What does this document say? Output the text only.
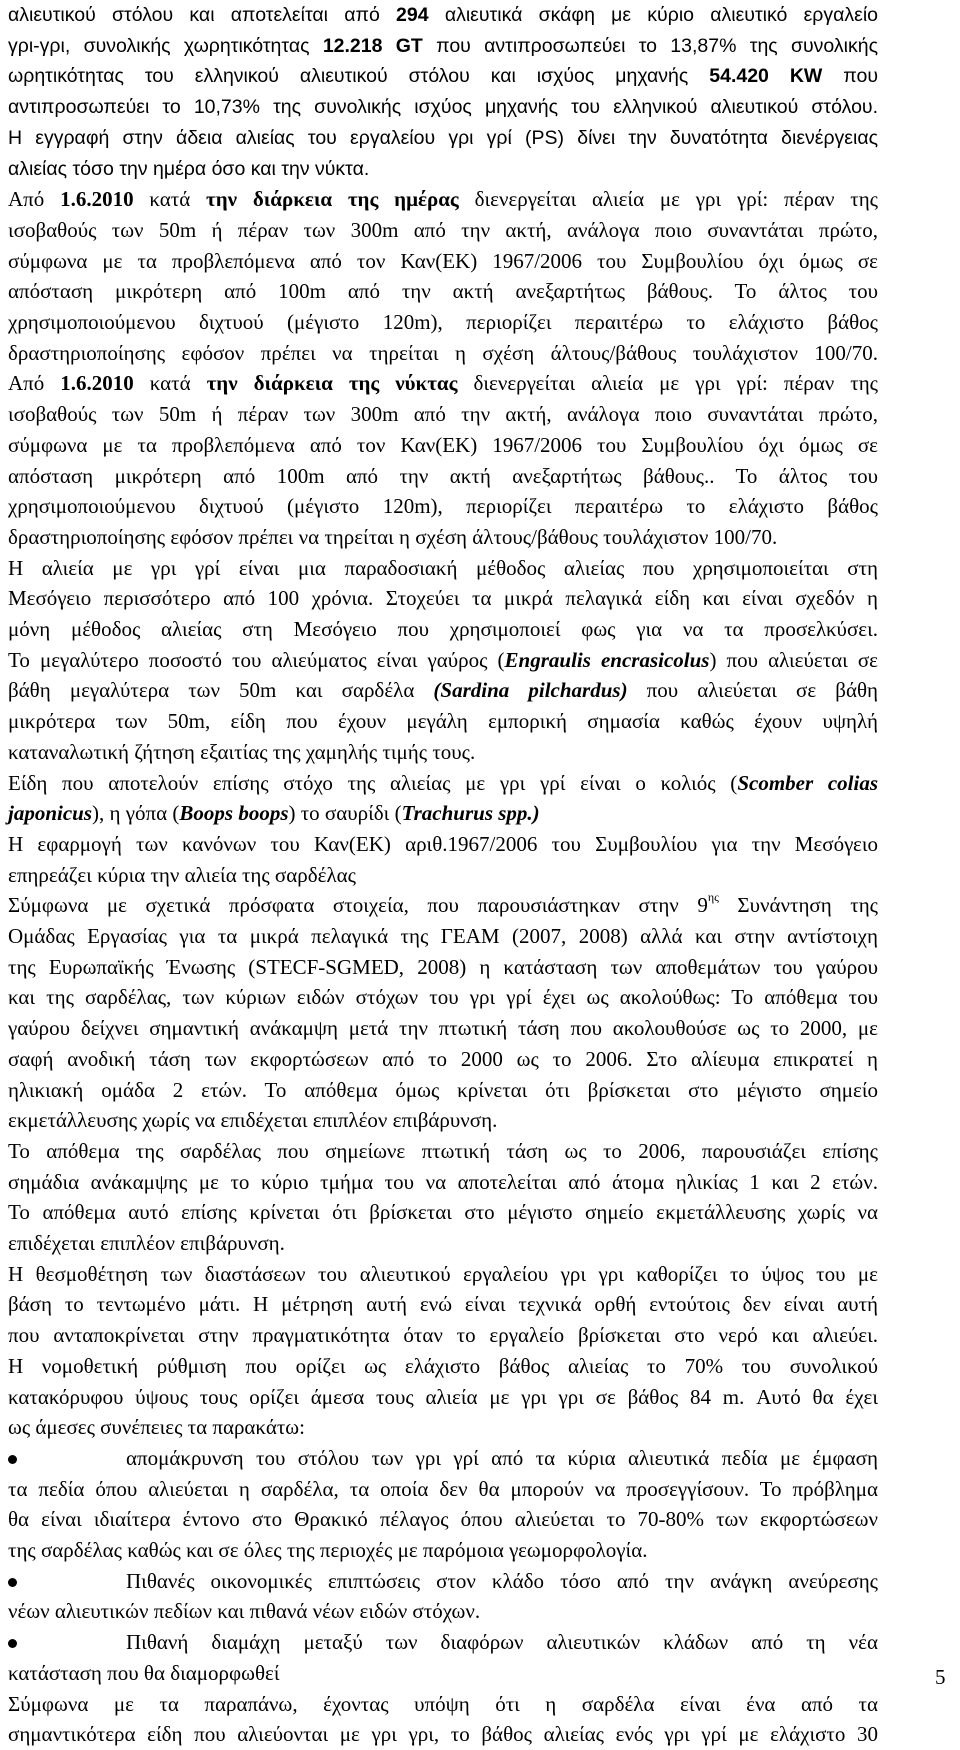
αλιευτικού στόλου και αποτελείται από 294 αλιευτικά σκάφη με κύριο αλιευτικό εργαλείο
γρι-γρι, συνολικής χωρητικότητας 12.218 GT που αντιπροσωπεύει το 13,87% της συνολικής
ωρητικότητας του ελληνικού αλιευτικού στόλου και ισχύος μηχανής 54.420 KW που
αντιπροσωπεύει το 10,73% της συνολικής ισχύος μηχανής του ελληνικού αλιευτικού στόλου.
Η εγγραφή στην άδεια αλιείας του εργαλείου γρι γρί (PS) δίνει την δυνατότητα διενέργειας
αλιείας τόσο την ημέρα όσο και την νύκτα.
Από 1.6.2010 κατά την διάρκεια της ημέρας διενεργείται αλιεία με γρι γρί: πέραν της
ισοβαθούς των 50m ή πέραν των 300m από την ακτή, ανάλογα ποιο συναντάται πρώτο,
σύμφωνα με τα προβλεπόμενα από τον Καν(ΕΚ) 1967/2006 του Συμβουλίου όχι όμως σε
απόσταση μικρότερη από 100m από την ακτή ανεξαρτήτως βάθους. Το άλτος του
χρησιμοποιούμενου διχτυού (μέγιστο 120m), περιορίζει περαιτέρω το ελάχιστο βάθος
δραστηριοποίησης εφόσον πρέπει να τηρείται η σχέση άλτους/βάθους τουλάχιστον 100/70.
Από 1.6.2010 κατά την διάρκεια της νύκτας διενεργείται αλιεία με γρι γρί: πέραν της
ισοβαθούς των 50m ή πέραν των 300m από την ακτή, ανάλογα ποιο συναντάται πρώτο,
σύμφωνα με τα προβλεπόμενα από τον Καν(ΕΚ) 1967/2006 του Συμβουλίου όχι όμως σε
απόσταση μικρότερη από 100m από την ακτή ανεξαρτήτως βάθους.. Το άλτος του
χρησιμοποιούμενου διχτυού (μέγιστο 120m), περιορίζει περαιτέρω το ελάχιστο βάθος
δραστηριοποίησης εφόσον πρέπει να τηρείται η σχέση άλτους/βάθους τουλάχιστον 100/70.
Η αλιεία με γρι γρί είναι μια παραδοσιακή μέθοδος αλιείας που χρησιμοποιείται στη
Μεσόγειο περισσότερο από 100 χρόνια. Στοχεύει τα μικρά πελαγικά είδη και είναι σχεδόν η
μόνη μέθοδος αλιείας στη Μεσόγειο που χρησιμοποιεί φως για να τα προσελκύσει.
Το μεγαλύτερο ποσοστό του αλιεύματος είναι γαύρος (Engraulis encrasicolus) που αλιεύεται σε
βάθη μεγαλύτερα των 50m και σαρδέλα (Sardina pilchardus) που αλιεύεται σε βάθη
μικρότερα των 50m, είδη που έχουν μεγάλη εμπορική σημασία καθώς έχουν υψηλή
καταναλωτική ζήτηση εξαιτίας της χαμηλής τιμής τους.
Είδη που αποτελούν επίσης στόχο της αλιείας με γρι γρί είναι ο κολιός (Scomber colias
japonicus), η γόπα (Boops boops) το σαυρίδι (Trachurus spp.)
Η εφαρμογή των κανόνων του Καν(ΕΚ) αριθ.1967/2006 του Συμβουλίου για την Μεσόγειο
επηρεάζει κύρια την αλιεία της σαρδέλας
Σύμφωνα με σχετικά πρόσφατα στοιχεία, που παρουσιάστηκαν στην $9^{\eta\varsigma}$ Συνάντηση της
Ομάδας Εργασίας για τα μικρά πελαγικά της ΓΕΑΜ (2007, 2008) αλλά και στην αντίστοιχη
της Ευρωπαϊκής Ένωσης (STECF-SGMED, 2008) η κατάσταση των αποθεμάτων του γαύρου
και της σαρδέλας, των κύριων ειδών στόχων του γρι γρί έχει ως ακολούθως: Το απόθεμα του
γαύρου δείχνει σημαντική ανάκαμψη μετά την πτωτική τάση που ακολουθούσε ως το 2000, με
σαφή ανοδική τάση των εκφορτώσεων από το 2000 ως το 2006. Στο αλίευμα επικρατεί η
ηλικιακή ομάδα 2 ετών. Το απόθεμα όμως κρίνεται ότι βρίσκεται στο μέγιστο σημείο
εκμετάλλευσης χωρίς να επιδέχεται επιπλέον επιβάρυνση.
Το απόθεμα της σαρδέλας που σημείωνε πτωτική τάση ως το 2006, παρουσιάζει επίσης
σημάδια ανάκαμψης με το κύριο τμήμα του να αποτελείται από άτομα ηλικίας 1 και 2 ετών.
Το απόθεμα αυτό επίσης κρίνεται ότι βρίσκεται στο μέγιστο σημείο εκμετάλλευσης χωρίς να
επιδέχεται επιπλέον επιβάρυνση.
Η θεσμοθέτηση των διαστάσεων του αλιευτικού εργαλείου γρι γρι καθορίζει το ύψος του με
βάση το τεντωμένο μάτι. Η μέτρηση αυτή ενώ είναι τεχνικά ορθή εντούτοις δεν είναι αυτή
που ανταποκρίνεται στην πραγματικότητα όταν το εργαλείο βρίσκεται στο νερό και αλιεύει.
Η νομοθετική ρύθμιση που ορίζει ως ελάχιστο βάθος αλιείας το 70% του συνολικού
κατακόρυφου ύψους τους ορίζει άμεσα τους αλιεία με γρι γρι σε βάθος 84 m. Αυτό θα έχει
ως άμεσες συνέπειες τα παρακάτω:
απομάκρυνση του στόλου των γρι γρί από τα κύρια αλιευτικά πεδία με έμφαση
τα πεδία όπου αλιεύεται η σαρδέλα, τα οποία δεν θα μπορούν να προσεγγίσουν. Το πρόβλημα
θα είναι ιδιαίτερα έντονο στο Θρακικό πέλαγος όπου αλιεύεται το 70-80% των εκφορτώσεων
της σαρδέλας καθώς και σε όλες της περιοχές με παρόμοια γεωμορφολογία.
Πιθανές οικονομικές επιπτώσεις στον κλάδο τόσο από την ανάγκη ανεύρεσης
νέων αλιευτικών πεδίων και πιθανά νέων ειδών στόχων.
Πιθανή διαμάχη μεταξύ των διαφόρων αλιευτικών κλάδων από τη νέα
κατάσταση που θα διαμορφωθεί
Σύμφωνα με τα παραπάνω, έχοντας υπόψη ότι η σαρδέλα είναι ένα από τα
σημαντικότερα είδη που αλιεύονται με γρι γρι, το βάθος αλιείας ενός γρι γρί με ελάχιστο 30
5
